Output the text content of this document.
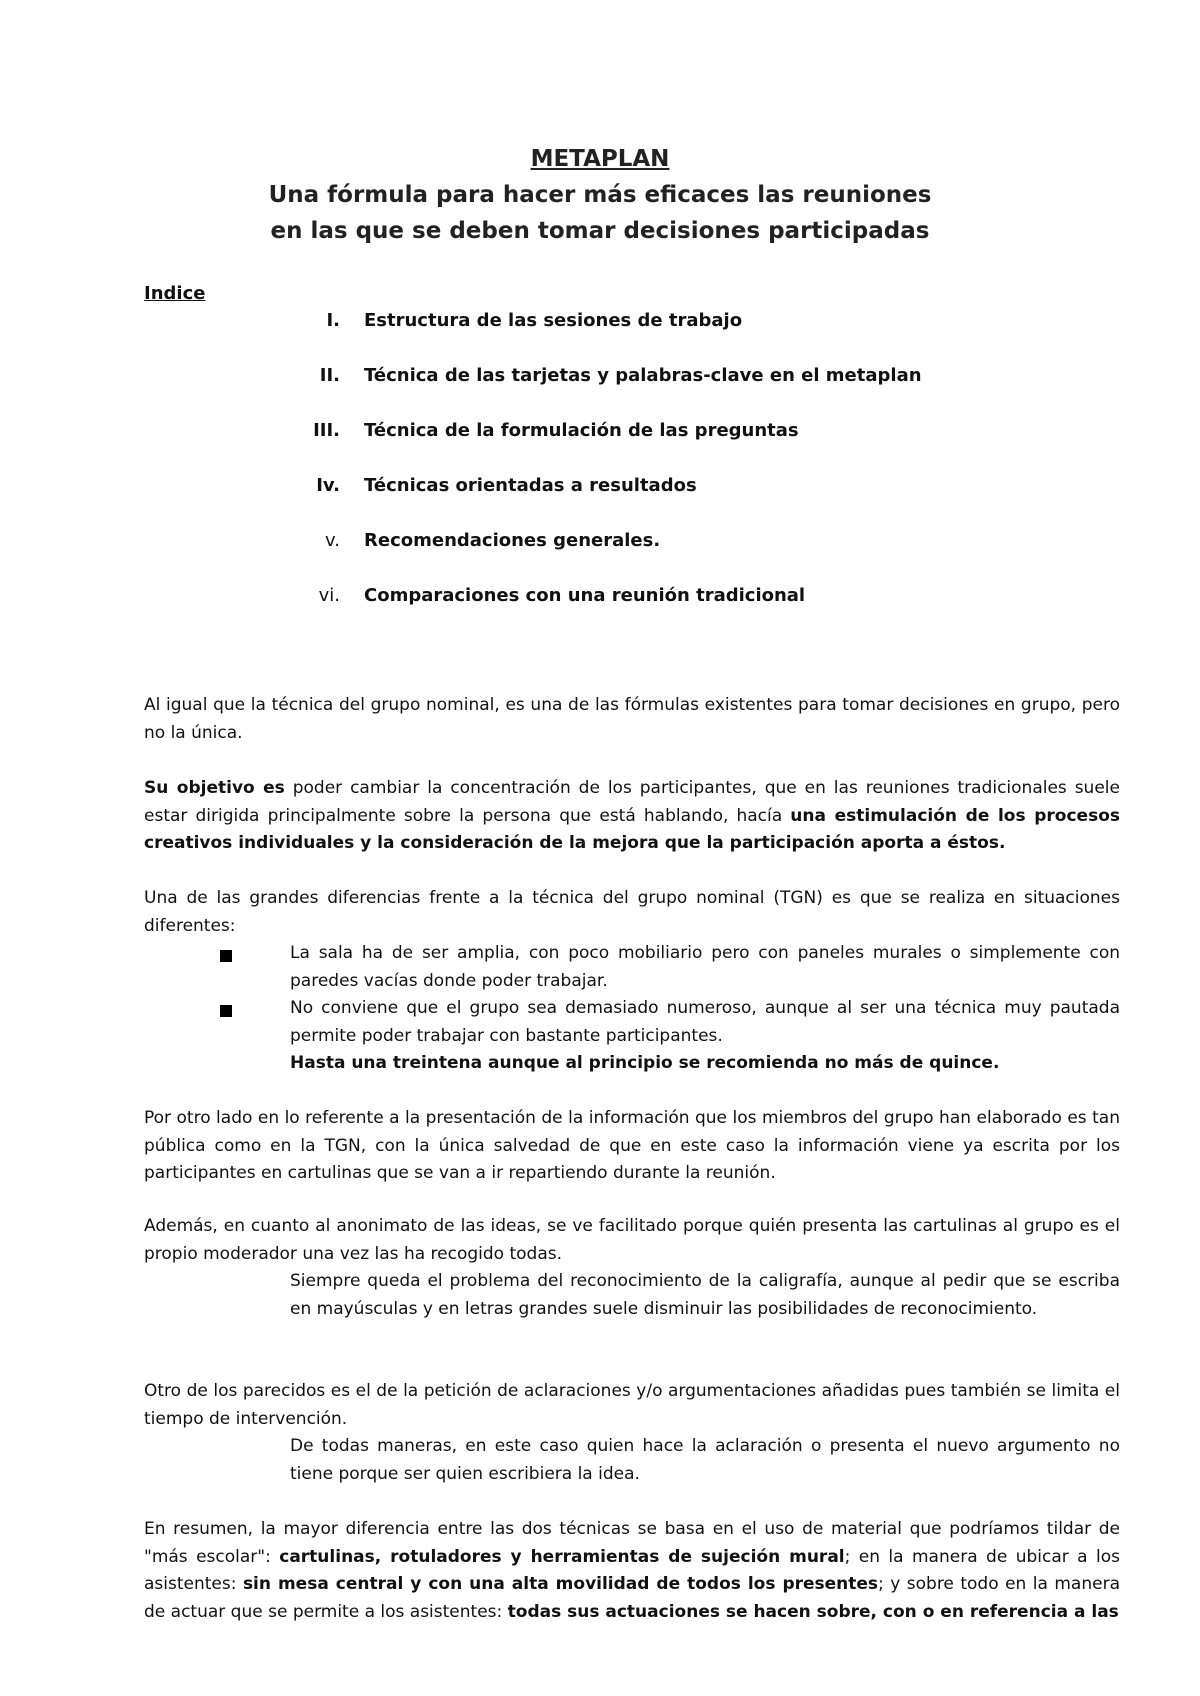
METAPLAN
Una fórmula para hacer más eficaces las reuniones
en las que se deben tomar decisiones participadas
Indice
I. Estructura de las sesiones de trabajo
II. Técnica de las tarjetas y palabras-clave en el metaplan
III. Técnica de la formulación de las preguntas
Iv. Técnicas orientadas a resultados
v. Recomendaciones generales.
vi. Comparaciones con una reunión tradicional
Al igual que la técnica del grupo nominal, es una de las fórmulas existentes para tomar decisiones en grupo, pero no la única.
Su objetivo es poder cambiar la concentración de los participantes, que en las reuniones tradicionales suele estar dirigida principalmente sobre la persona que está hablando, hacía una estimulación de los procesos creativos individuales y la consideración de la mejora que la participación aporta a éstos.
Una de las grandes diferencias frente a la técnica del grupo nominal (TGN) es que se realiza en situaciones diferentes:
La sala ha de ser amplia, con poco mobiliario pero con paneles murales o simplemente con paredes vacías donde poder trabajar.
No conviene que el grupo sea demasiado numeroso, aunque al ser una técnica muy pautada permite poder trabajar con bastante participantes.
Hasta una treintena aunque al principio se recomienda no más de quince.
Por otro lado en lo referente a la presentación de la información que los miembros del grupo han elaborado es tan pública como en la TGN, con la única salvedad de que en este caso la información viene ya escrita por los participantes en cartulinas que se van a ir repartiendo durante la reunión.
Además, en cuanto al anonimato de las ideas, se ve facilitado porque quién presenta las cartulinas al grupo es el propio moderador una vez las ha recogido todas.
Siempre queda el problema del reconocimiento de la caligrafía, aunque al pedir que se escriba en mayúsculas y en letras grandes suele disminuir las posibilidades de reconocimiento.
Otro de los parecidos es el de la petición de aclaraciones y/o argumentaciones añadidas pues también se limita el tiempo de intervención.
De todas maneras, en este caso quien hace la aclaración o presenta el nuevo argumento no tiene porque ser quien escribiera la idea.
En resumen, la mayor diferencia entre las dos técnicas se basa en el uso de material que podríamos tildar de "más escolar": cartulinas, rotuladores y herramientas de sujeción mural; en la manera de ubicar a los asistentes: sin mesa central y con una alta movilidad de todos los presentes; y sobre todo en la manera de actuar que se permite a los asistentes: todas sus actuaciones se hacen sobre, con o en referencia a las
